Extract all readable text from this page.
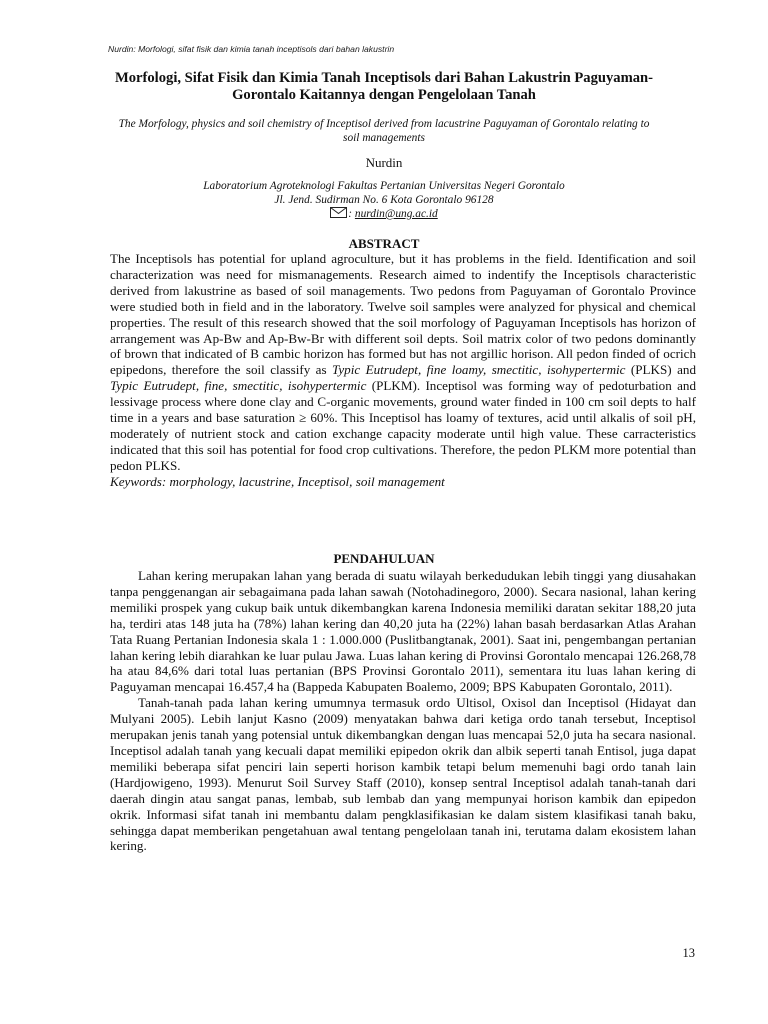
Nurdin: Morfologi, sifat fisik dan kimia tanah inceptisols dari bahan lakustrin
Morfologi, Sifat Fisik dan Kimia Tanah Inceptisols dari Bahan Lakustrin Paguyaman-Gorontalo Kaitannya dengan Pengelolaan Tanah
The Morfology, physics and soil chemistry of Inceptisol derived from lacustrine Paguyaman of Gorontalo relating to soil managements
Nurdin
Laboratorium Agroteknologi Fakultas Pertanian Universitas Negeri Gorontalo
Jl. Jend. Sudirman No. 6 Kota Gorontalo 96128
: nurdin@ung.ac.id
ABSTRACT

The Inceptisols has potential for upland agroculture, but it has problems in the field. Identification and soil characterization was need for mismanagements. Research aimed to indentify the Inceptisols characteristic derived from lakustrine as based of soil managements. Two pedons from Paguyaman of Gorontalo Province were studied both in field and in the laboratory. Twelve soil samples were analyzed for physical and chemical properties. The result of this research showed that the soil morfology of Paguyaman Inceptisols has horizon of arrangement was Ap-Bw and Ap-Bw-Br with different soil depts. Soil matrix color of two pedons dominantly of brown that indicated of B cambic horizon has formed but has not argillic horison. All pedon finded of ocrich epipedons, therefore the soil classify as Typic Eutrudept, fine loamy, smectitic, isohypertermic (PLKS) and Typic Eutrudept, fine, smectitic, isohypertermic (PLKM). Inceptisol was forming way of pedoturbation and lessivage process where done clay and C-organic movements, ground water finded in 100 cm soil depts to half time in a years and base saturation ≥ 60%. This Inceptisol has loamy of textures, acid until alkalis of soil pH, moderately of nutrient stock and cation exchange capacity moderate until high value. These carracteristics indicated that this soil has potential for food crop cultivations. Therefore, the pedon PLKM more potential than pedon PLKS.

Keywords: morphology, lacustrine, Inceptisol, soil management

PENDAHULUAN

Lahan kering merupakan lahan yang berada di suatu wilayah berkedudukan lebih tinggi yang diusahakan tanpa penggenangan air sebagaimana pada lahan sawah (Notohadinegoro, 2000). Secara nasional, lahan kering memiliki prospek yang cukup baik untuk dikembangkan karena Indonesia memiliki daratan sekitar 188,20 juta ha, terdiri atas 148 juta ha (78%) lahan kering dan 40,20 juta ha (22%) lahan basah berdasarkan Atlas Arahan Tata Ruang Pertanian Indonesia skala 1 : 1.000.000 (Puslitbangtanak, 2001). Saat ini, pengembangan pertanian lahan kering lebih diarahkan ke luar pulau Jawa. Luas lahan kering di Provinsi Gorontalo mencapai 126.268,78 ha atau 84,6% dari total luas pertanian (BPS Provinsi Gorontalo 2011), sementara itu luas lahan kering di Paguyaman mencapai 16.457,4 ha (Bappeda Kabupaten Boalemo, 2009; BPS Kabupaten Gorontalo, 2011).

Tanah-tanah pada lahan kering umumnya termasuk ordo Ultisol, Oxisol dan Inceptisol (Hidayat dan Mulyani 2005). Lebih lanjut Kasno (2009) menyatakan bahwa dari ketiga ordo tanah tersebut, Inceptisol merupakan jenis tanah yang potensial untuk dikembangkan dengan luas mencapai 52,0 juta ha secara nasional. Inceptisol adalah tanah yang kecuali dapat memiliki epipedon okrik dan albik seperti tanah Entisol, juga dapat memiliki beberapa sifat penciri lain seperti horison kambik tetapi belum memenuhi bagi ordo tanah lain (Hardjowigeno, 1993). Menurut Soil Survey Staff (2010), konsep sentral Inceptisol adalah tanah-tanah dari daerah dingin atau sangat panas, lembab, sub lembab dan yang mempunyai horison kambik dan epipedon okrik. Informasi sifat tanah ini membantu dalam pengklasifikasian ke dalam sistem klasifikasi tanah baku, sehingga dapat memberikan pengetahuan awal tentang pengelolaan tanah ini, terutama dalam ekosistem lahan kering.

13
